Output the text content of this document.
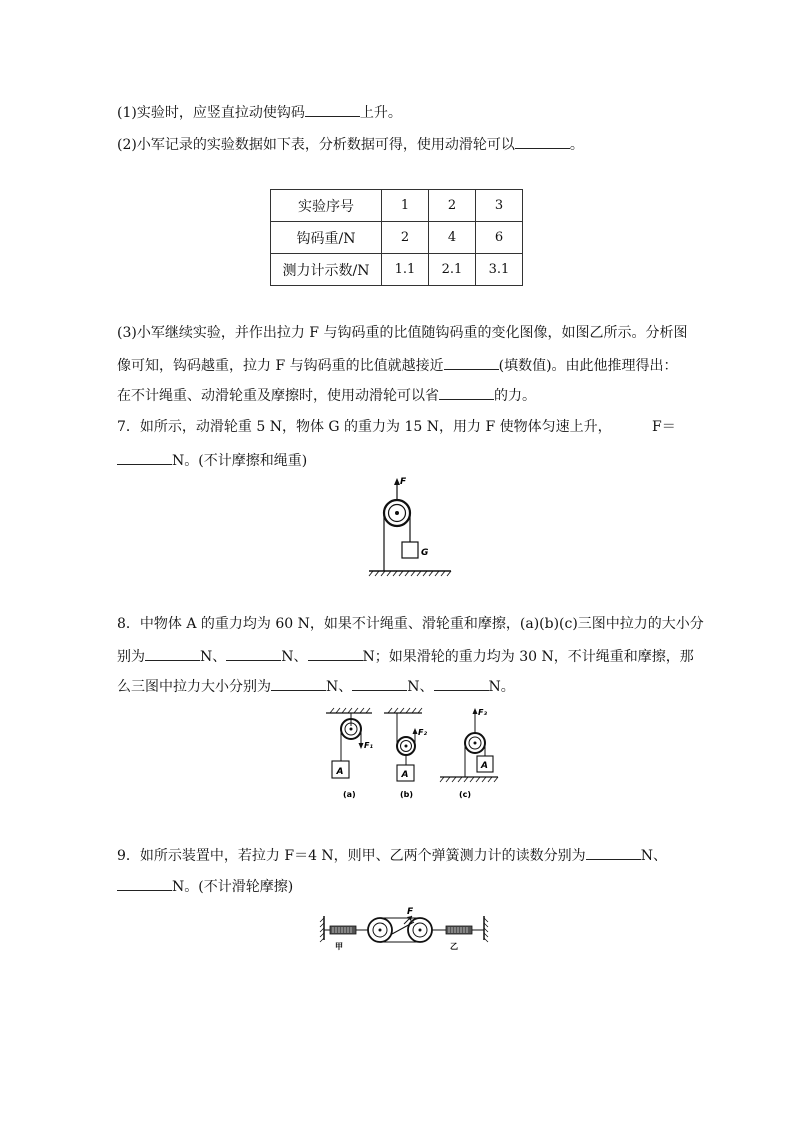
(1)实验时，应竖直拉动使钩码	上升。
(2)小军记录的实验数据如下表，分析数据可得，使用动滑轮可以	。
实验序号	1	2	3
钩码重/N	2	4	6
测力计示数/N	1.1	2.1	3.1
(3)小军继续实验，并作出拉力 F 与钩码重的比值随钩码重的变化图像，如图乙所示。分析图
像可知，钩码越重，拉力 F 与钩码重的比值就越接近	(填数值)。由此他推理得出：
在不计绳重、动滑轮重及摩擦时，使用动滑轮可以省	的力。
7．如所示，动滑轮重 5 N，物体 G 的重力为 15 N，用力 F 使物体匀速上升，	F＝
N。(不计摩擦和绳重)
F
G
8．中物体 A 的重力均为 60 N，如果不计绳重、滑轮重和摩擦，(a)(b)(c)三图中拉力的大小分
别为	N、	N、	N；如果滑轮的重力均为 30 N，不计绳重和摩擦，那
么三图中拉力大小分别为	N、	N、	N。
F₁
A
(a)
F₂
A
(b)
F₃
A
(c)
9．如所示装置中，若拉力 F＝4 N，则甲、乙两个弹簧测力计的读数分别为	N、
N。(不计滑轮摩擦)
甲
F
乙
